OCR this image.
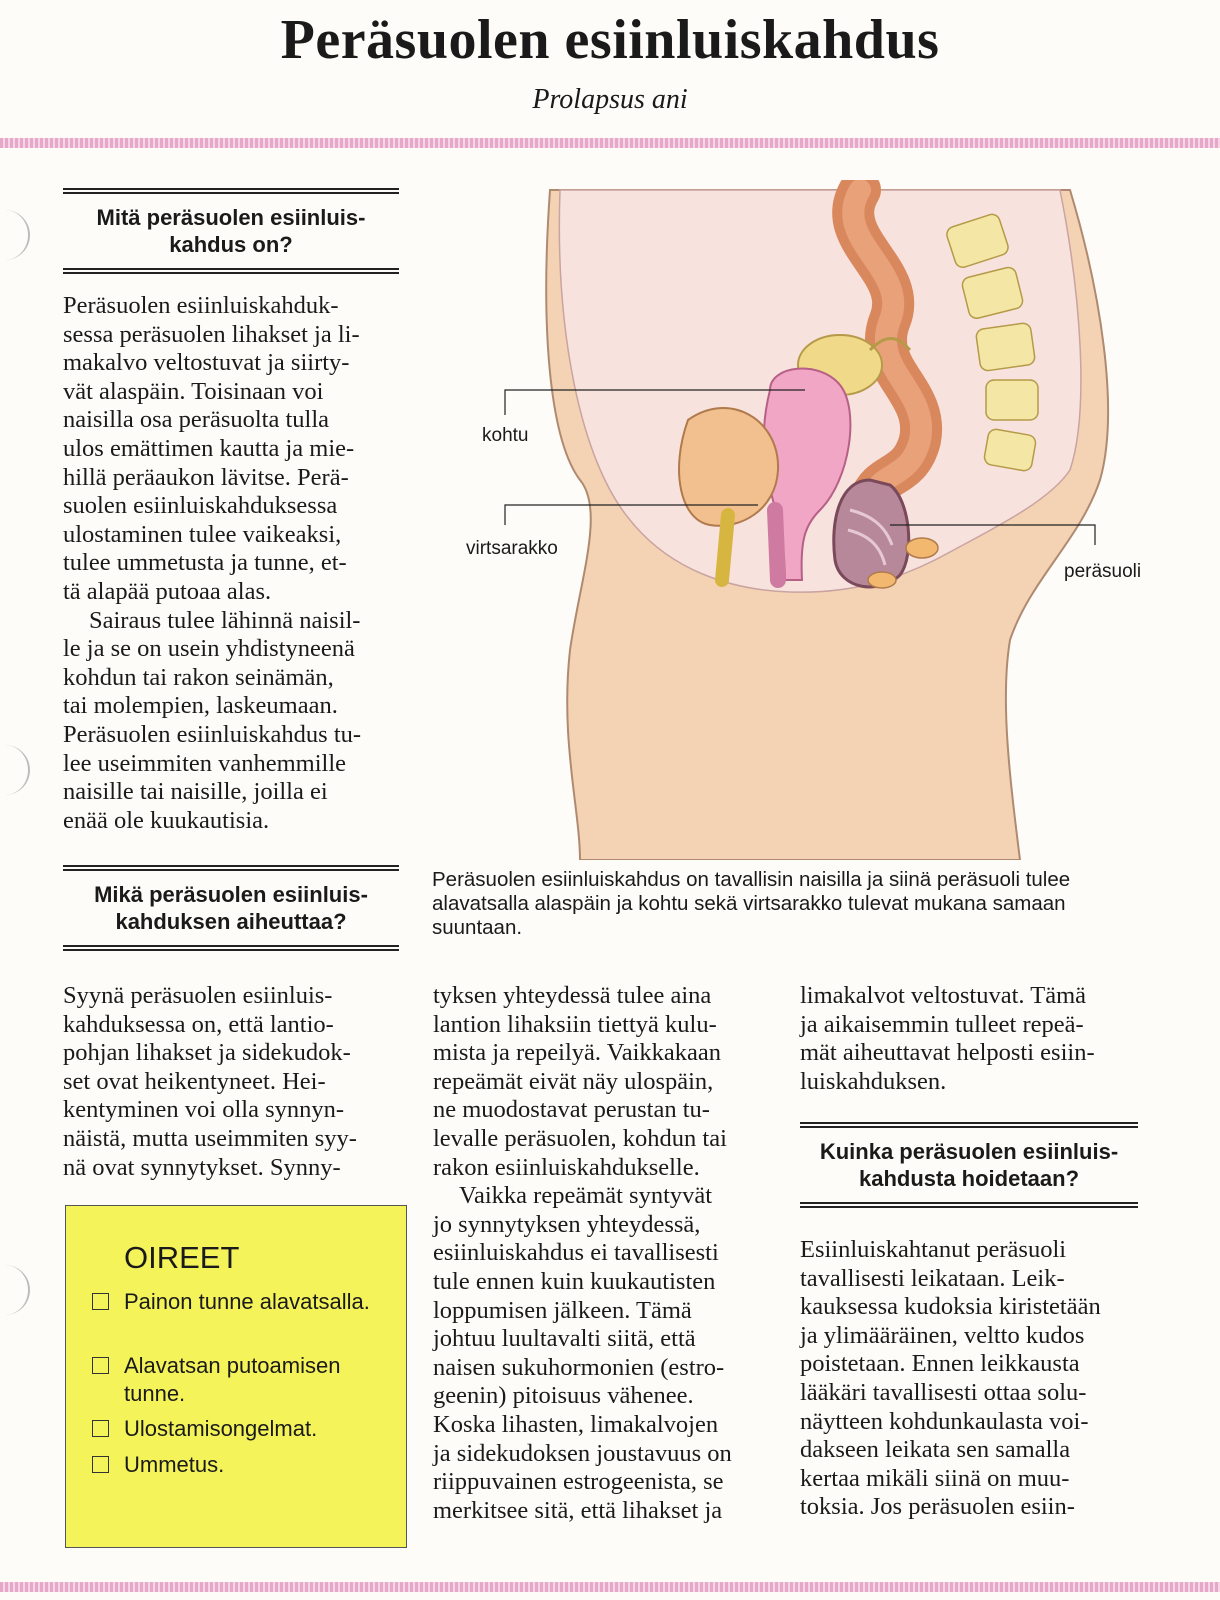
Peräsuolen esiinluiskahdus
Prolapsus ani
Mitä peräsuolen esiinluis- kahdus on?

Peräsuolen esiinluiskahduk-

sessa peräsuolen lihakset ja li-

makalvo veltostuvat ja siirty-

vät alaspäin. Toisinaan voi

naisilla osa peräsuolta tulla

ulos emättimen kautta ja mie-

hillä peräaukon lävitse. Perä-

suolen esiinluiskahduksessa

ulostaminen tulee vaikeaksi,

tulee ummetusta ja tunne, et-

tä alapää putoaa alas.

Sairaus tulee lähinnä naisil-

le ja se on usein yhdistyneenä

kohdun tai rakon seinämän,

tai molempien, laskeumaan.

Peräsuolen esiinluiskahdus tu-

lee useimmiten vanhemmille

naisille tai naisille, joilla ei

enää ole kuukautisia.

kohtu
virtsarakko
peräsuoli
Peräsuolen esiinluiskahdus on tavallisin naisilla ja siinä peräsuoli tulee alavatsalla alaspäin ja kohtu sekä virtsarakko tulevat mukana samaan suuntaan.
Mikä peräsuolen esiinluis- kahduksen aiheuttaa?

Syynä peräsuolen esiinluis-

kahduksessa on, että lantio-

pohjan lihakset ja sidekudok-

set ovat heikentyneet. Hei-

kentyminen voi olla synnyn-

näistä, mutta useimmiten syy-

nä ovat synnytykset. Synny-

OIREET
Painon tunne alavatsalla.
Alavatsan putoamisen tunne.
Ulostamisongelmat.
Ummetus.

tyksen yhteydessä tulee aina

lantion lihaksiin tiettyä kulu-

mista ja repeilyä. Vaikkakaan

repeämät eivät näy ulospäin,

ne muodostavat perustan tu-

levalle peräsuolen, kohdun tai

rakon esiinluiskahdukselle.

Vaikka repeämät syntyvät

jo synnytyksen yhteydessä,

esiinluiskahdus ei tavallisesti

tule ennen kuin kuukautisten

loppumisen jälkeen. Tämä

johtuu luultavalti siitä, että

naisen sukuhormonien (estro-

geenin) pitoisuus vähenee.

Koska lihasten, limakalvojen

ja sidekudoksen joustavuus on

riippuvainen estrogeenista, se

merkitsee sitä, että lihakset ja

limakalvot veltostuvat. Tämä

ja aikaisemmin tulleet repeä-

mät aiheuttavat helposti esiin-

luiskahduksen.

Kuinka peräsuolen esiinluis- kahdusta hoidetaan?

Esiinluiskahtanut peräsuoli

tavallisesti leikataan. Leik-

kauksessa kudoksia kiristetään

ja ylimääräinen, veltto kudos

poistetaan. Ennen leikkausta

lääkäri tavallisesti ottaa solu-

näytteen kohdunkaulasta voi-

dakseen leikata sen samalla

kertaa mikäli siinä on muu-

toksia. Jos peräsuolen esiin-
